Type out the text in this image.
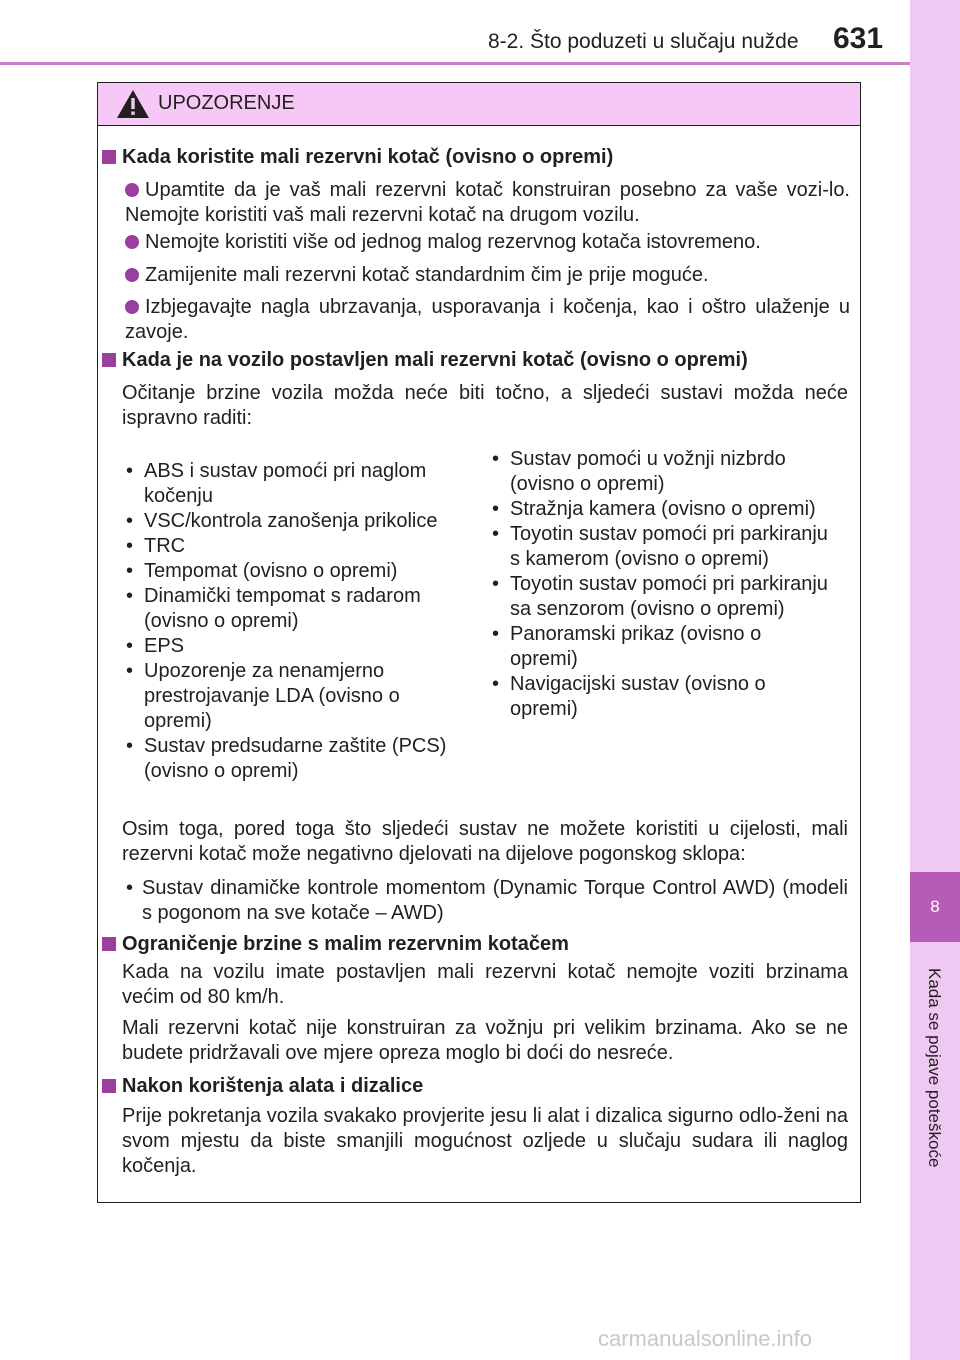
8-2. Što poduzeti u slučaju nužde 631
8
Kada se pojave poteškoće
UPOZORENJE
Kada koristite mali rezervni kotač (ovisno o opremi)
Upamtite da je vaš mali rezervni kotač konstruiran posebno za vaše vozi-lo. Nemojte koristiti vaš mali rezervni kotač na drugom vozilu.
Nemojte koristiti više od jednog malog rezervnog kotača istovremeno.
Zamijenite mali rezervni kotač standardnim čim je prije moguće.
Izbjegavajte nagla ubrzavanja, usporavanja i kočenja, kao i oštro ulaženje u zavoje.
Kada je na vozilo postavljen mali rezervni kotač (ovisno o opremi)
Očitanje brzine vozila možda neće biti točno, a sljedeći sustavi možda neće ispravno raditi:
• ABS i sustav pomoći pri naglom kočenju
• VSC/kontrola zanošenja prikolice
• TRC
• Tempomat (ovisno o opremi)
• Dinamički tempomat s radarom (ovisno o opremi)
• EPS
• Upozorenje za nenamjerno prestrojavanje LDA (ovisno o opremi)
• Sustav predsudarne zaštite (PCS) (ovisno o opremi)
• Sustav pomoći u vožnji nizbrdo (ovisno o opremi)
• Stražnja kamera (ovisno o opremi)
• Toyotin sustav pomoći pri parkiranju s kamerom (ovisno o opremi)
• Toyotin sustav pomoći pri parkiranju sa senzorom (ovisno o opremi)
• Panoramski prikaz (ovisno o opremi)
• Navigacijski sustav (ovisno o opremi)
Osim toga, pored toga što sljedeći sustav ne možete koristiti u cijelosti, mali rezervni kotač može negativno djelovati na dijelove pogonskog sklopa:
• Sustav dinamičke kontrole momentom (Dynamic Torque Control AWD) (modeli s pogonom na sve kotače – AWD)
Ograničenje brzine s malim rezervnim kotačem
Kada na vozilu imate postavljen mali rezervni kotač nemojte voziti brzinama većim od 80 km/h.
Mali rezervni kotač nije konstruiran za vožnju pri velikim brzinama. Ako se ne budete pridržavali ove mjere opreza moglo bi doći do nesreće.
Nakon korištenja alata i dizalice
Prije pokretanja vozila svakako provjerite jesu li alat i dizalica sigurno odlo-ženi na svom mjestu da biste smanjili mogućnost ozljede u slučaju sudara ili naglog kočenja.
carmanualsonline.info
